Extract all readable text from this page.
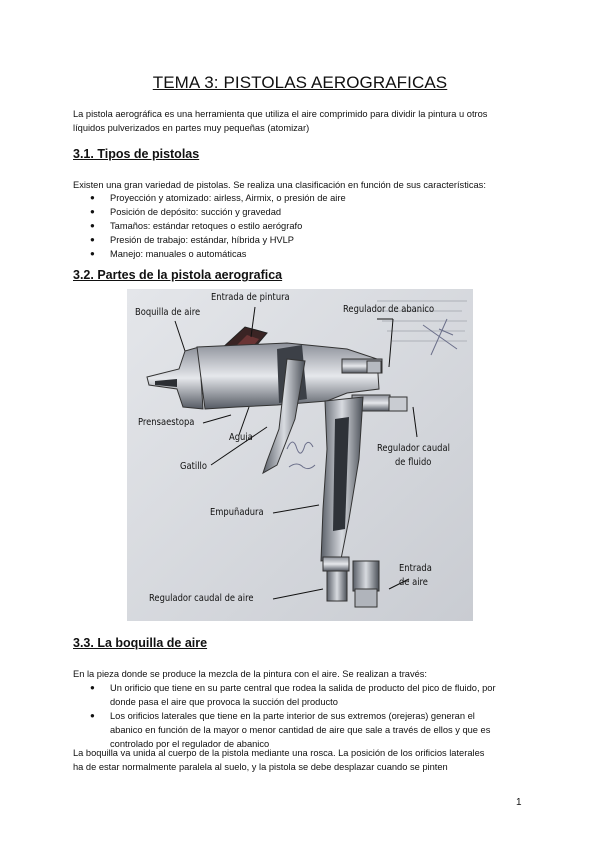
TEMA 3: PISTOLAS AEROGRAFICAS
La pistola aerográfica es una herramienta que utiliza el aire comprimido para dividir la pintura u otros
líquidos pulverizados en partes muy pequeñas (atomizar)
3.1. Tipos de pistolas
Existen una gran variedad de pistolas. Se realiza una clasificación en función de sus características:
● Proyección y atomizado: airless, Airmix, o presión de aire
● Posición de depósito: succión y gravedad
● Tamaños: estándar retoques o estilo aerógrafo
● Presión de trabajo: estándar, híbrida y HVLP
● Manejo: manuales o automáticas
3.2. Partes de la pistola aerografica
Entrada de pintura
Boquilla de aire	Regulador de abanico
Prensaestopa
Aguja
Regulador caudal
de fluido
Gatillo
Empuñadura
Entrada
de aire
Regulador caudal de aire
3.3. La boquilla de aire
En la pieza donde se produce la mezcla de la pintura con el aire. Se realizan a través:
● Un orificio que tiene en su parte central que rodea la salida de producto del pico de fluido, por
donde pasa el aire que provoca la succión del producto
● Los orificios laterales que tiene en la parte interior de sus extremos (orejeras) generan el
abanico en función de la mayor o menor cantidad de aire que sale a través de ellos y que es
controlado por el regulador de abanico
La boquilla va unida al cuerpo de la pistola mediante una rosca. La posición de los orificios laterales
ha de estar normalmente paralela al suelo, y la pistola se debe desplazar cuando se pinten
1
